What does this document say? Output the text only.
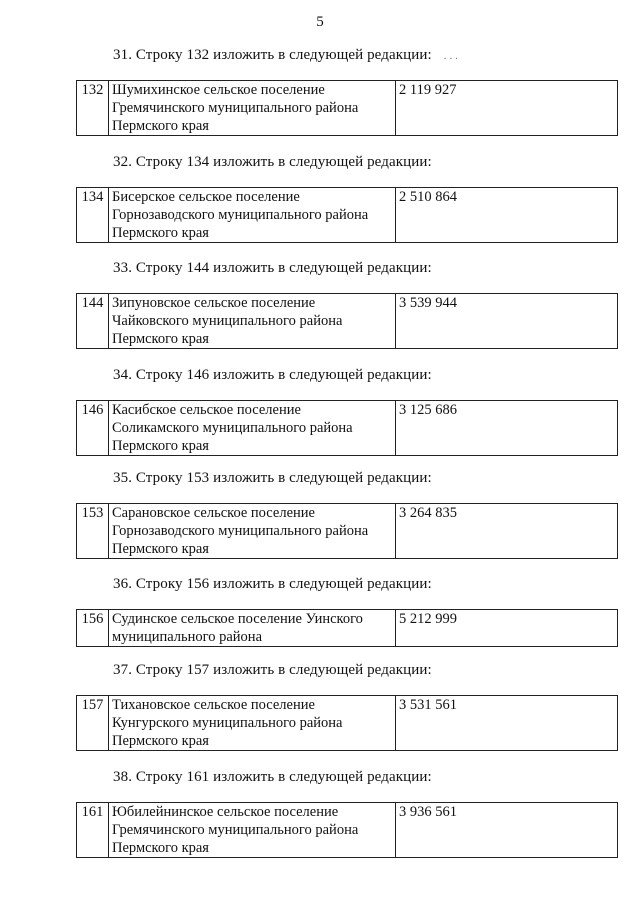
5
31. Строку 132 изложить в следующей редакции: . . .
132	Шумихинское сельское поселение
Гремячинского муниципального района
Пермского края
	2 119 927
32. Строку 134 изложить в следующей редакции:
134	Бисерское сельское поселение
Горнозаводского муниципального района
Пермского края
	2 510 864
33. Строку 144 изложить в следующей редакции:
144	Зипуновское сельское поселение
Чайковского муниципального района
Пермского края
	3 539 944
34. Строку 146 изложить в следующей редакции:
146	Касибское сельское поселение
Соликамского муниципального района
Пермского края
	3 125 686
35. Строку 153 изложить в следующей редакции:
153	Сарановское сельское поселение
Горнозаводского муниципального района
Пермского края
	3 264 835
36. Строку 156 изложить в следующей редакции:
156	Судинское сельское поселение Уинского
муниципального района
	5 212 999
37. Строку 157 изложить в следующей редакции:
157	Тихановское сельское поселение
Кунгурского муниципального района
Пермского края
	3 531 561
38. Строку 161 изложить в следующей редакции:
161	Юбилейнинское сельское поселение
Гремячинского муниципального района
Пермского края
	3 936 561
